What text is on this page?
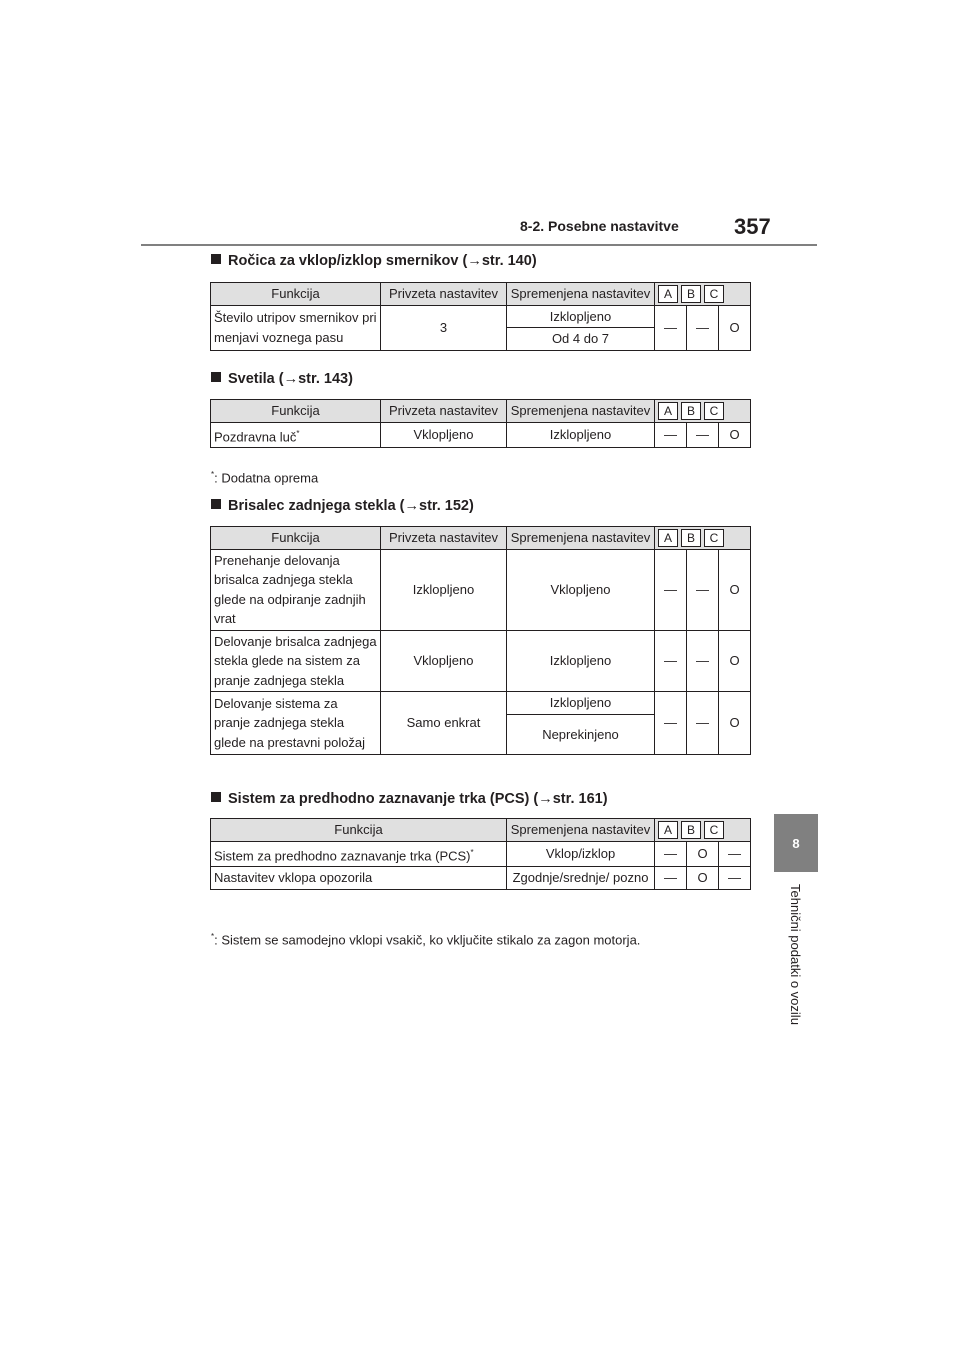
8-2. Posebne nastavitve	357
8
Tehnični podatki o vozilu
Ročica za vklop/izklop smernikov (→str. 140)
Funkcija	Privzeta nastavitev	Spremenjena nastavitev	A B C		

Število utripov smernikov pri menjavi voznega pasu	3	Izklopljeno	—	—	O
		Od 4 do 7			
Svetila (→str. 143)
Funkcija	Privzeta nastavitev	Spremenjena nastavitev	A B C		

Pozdravna luč*	Vklopljeno	Izklopljeno	—	—	O
*: Dodatna oprema
Brisalec zadnjega stekla (→str. 152)
Funkcija	Privzeta nastavitev	Spremenjena nastavitev	A B C		

Prenehanje delovanja brisalca zadnjega stekla glede na odpiranje zadnjih vrat	Izklopljeno	Vklopljeno	—	—	O
Delovanje brisalca zadnjega stekla glede na sistem za pranje zadnjega stekla	Vklopljeno	Izklopljeno	—	—	O
Delovanje sistema za pranje zadnjega stekla glede na prestavni položaj	Samo enkrat	Izklopljeno	—	—	O
		Neprekinjeno			
Sistem za predhodno zaznavanje trka (PCS) (→str. 161)
Funkcija	Spremenjena nastavitev	A B C		

Sistem za predhodno zaznavanje trka (PCS)*	Vklop/izklop	—	O	—
Nastavitev vklopa opozorila	Zgodnje/srednje/ pozno	—	O	—
*: Sistem se samodejno vklopi vsakič, ko vključite stikalo za zagon motorja.
